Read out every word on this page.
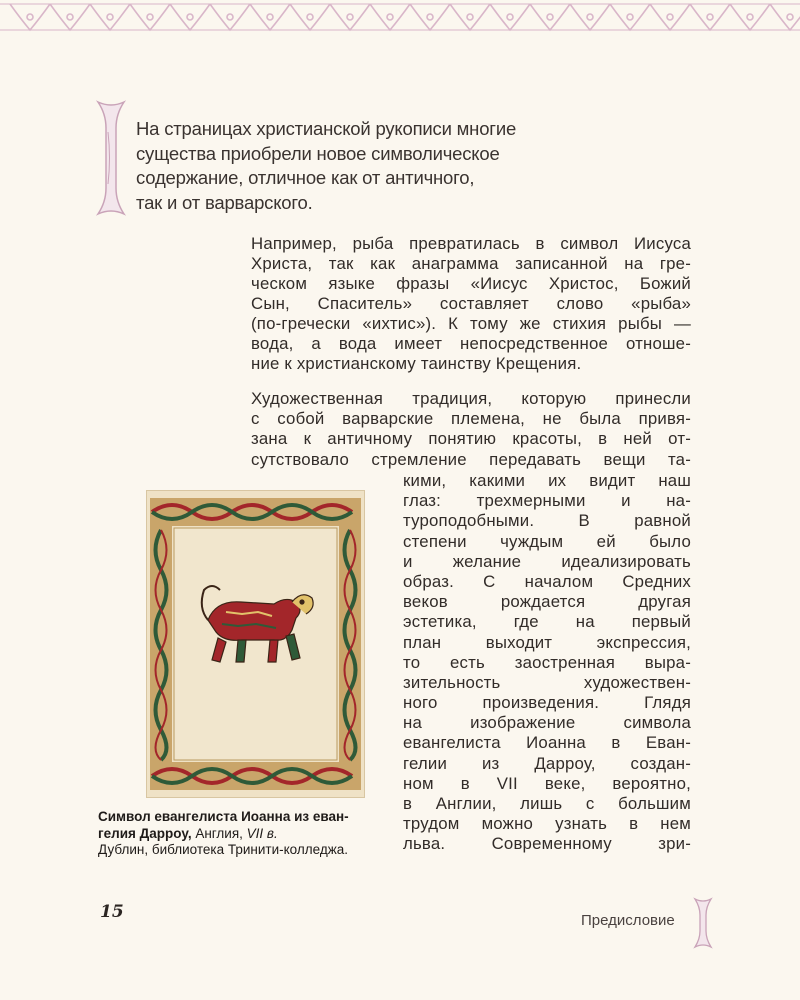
На страницах христианской рукописи многие
существа приобрели новое символическое
содержание, отличное как от античного,
так и от варварского.
Например, рыба превратилась в символ Иисуса
Христа, так как анаграмма записанной на гре-
ческом языке фразы «Иисус Христос, Божий
Сын, Спаситель» составляет слово «рыба»
(по-гречески «ихтис»). К тому же стихия рыбы —
вода, а вода имеет непосредственное отноше-
ние к христианскому таинству Крещения.
Художественная традиция, которую принесли
с собой варварские племена, не была привя-
зана к античному понятию красоты, в ней от-
сутствовало стремление передавать вещи та-
кими, какими их видит наш
глаз: трехмерными и на-
туроподобными. В равной
степени чуждым ей было
и желание идеализировать
образ. С началом Средних
веков рождается другая
эстетика, где на первый
план выходит экспрессия,
то есть заостренная выра-
зительность художествен-
ного произведения. Глядя
на изображение символа
евангелиста Иоанна в Еван-
гелии из Дарроу, создан-
ном в VII веке, вероятно,
в Англии, лишь с большим
трудом можно узнать в нем
льва. Современному зри-
Символ евангелиста Иоанна из еван-
гелия Дарроу, Англия, VII в.
Дублин, библиотека Тринити-колледжа.
15	Предисловие
